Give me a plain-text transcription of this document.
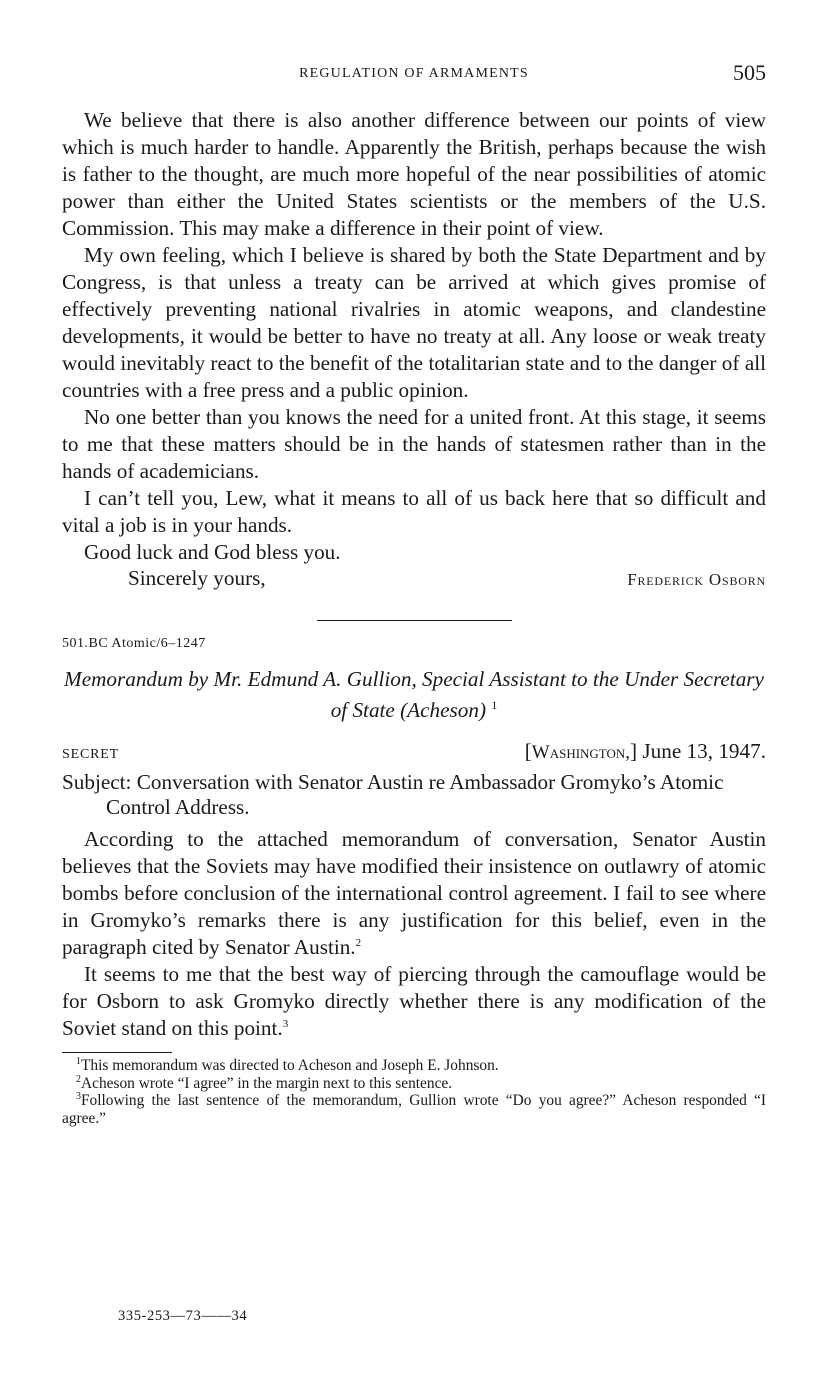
REGULATION OF ARMAMENTS	505

We believe that there is also another difference between our points of view which is much harder to handle. Apparently the British, perhaps because the wish is father to the thought, are much more hopeful of the near possibilities of atomic power than either the United States scientists or the members of the U.S. Commission. This may make a difference in their point of view.

My own feeling, which I believe is shared by both the State Department and by Congress, is that unless a treaty can be arrived at which gives promise of effectively preventing national rivalries in atomic weapons, and clandestine developments, it would be better to have no treaty at all. Any loose or weak treaty would inevitably react to the benefit of the totalitarian state and to the danger of all countries with a free press and a public opinion.

No one better than you knows the need for a united front. At this stage, it seems to me that these matters should be in the hands of statesmen rather than in the hands of academicians.

I can’t tell you, Lew, what it means to all of us back here that so difficult and vital a job is in your hands.

Good luck and God bless you.
Sincerely yours,	Frederick Osborn
501.BC Atomic/6–1247
Memorandum by Mr. Edmund A. Gullion, Special Assistant to the Under Secretary of State (Acheson) $^1$
SECRET	[Washington,] June 13, 1947.
Subject: Conversation with Senator Austin re Ambassador Gromyko’s Atomic Control Address.

According to the attached memorandum of conversation, Senator Austin believes that the Soviets may have modified their insistence on outlawry of atomic bombs before conclusion of the international control agreement. I fail to see where in Gromyko’s remarks there is any justification for this belief, even in the paragraph cited by Senator Austin.$^2$

It seems to me that the best way of piercing through the camouflage would be for Osborn to ask Gromyko directly whether there is any modification of the Soviet stand on this point.$^3$

$^1$This memorandum was directed to Acheson and Joseph E. Johnson.
$^2$Acheson wrote “I agree” in the margin next to this sentence.
$^3$Following the last sentence of the memorandum, Gullion wrote “Do you agree?” Acheson responded “I agree.”
335-253—73——34
